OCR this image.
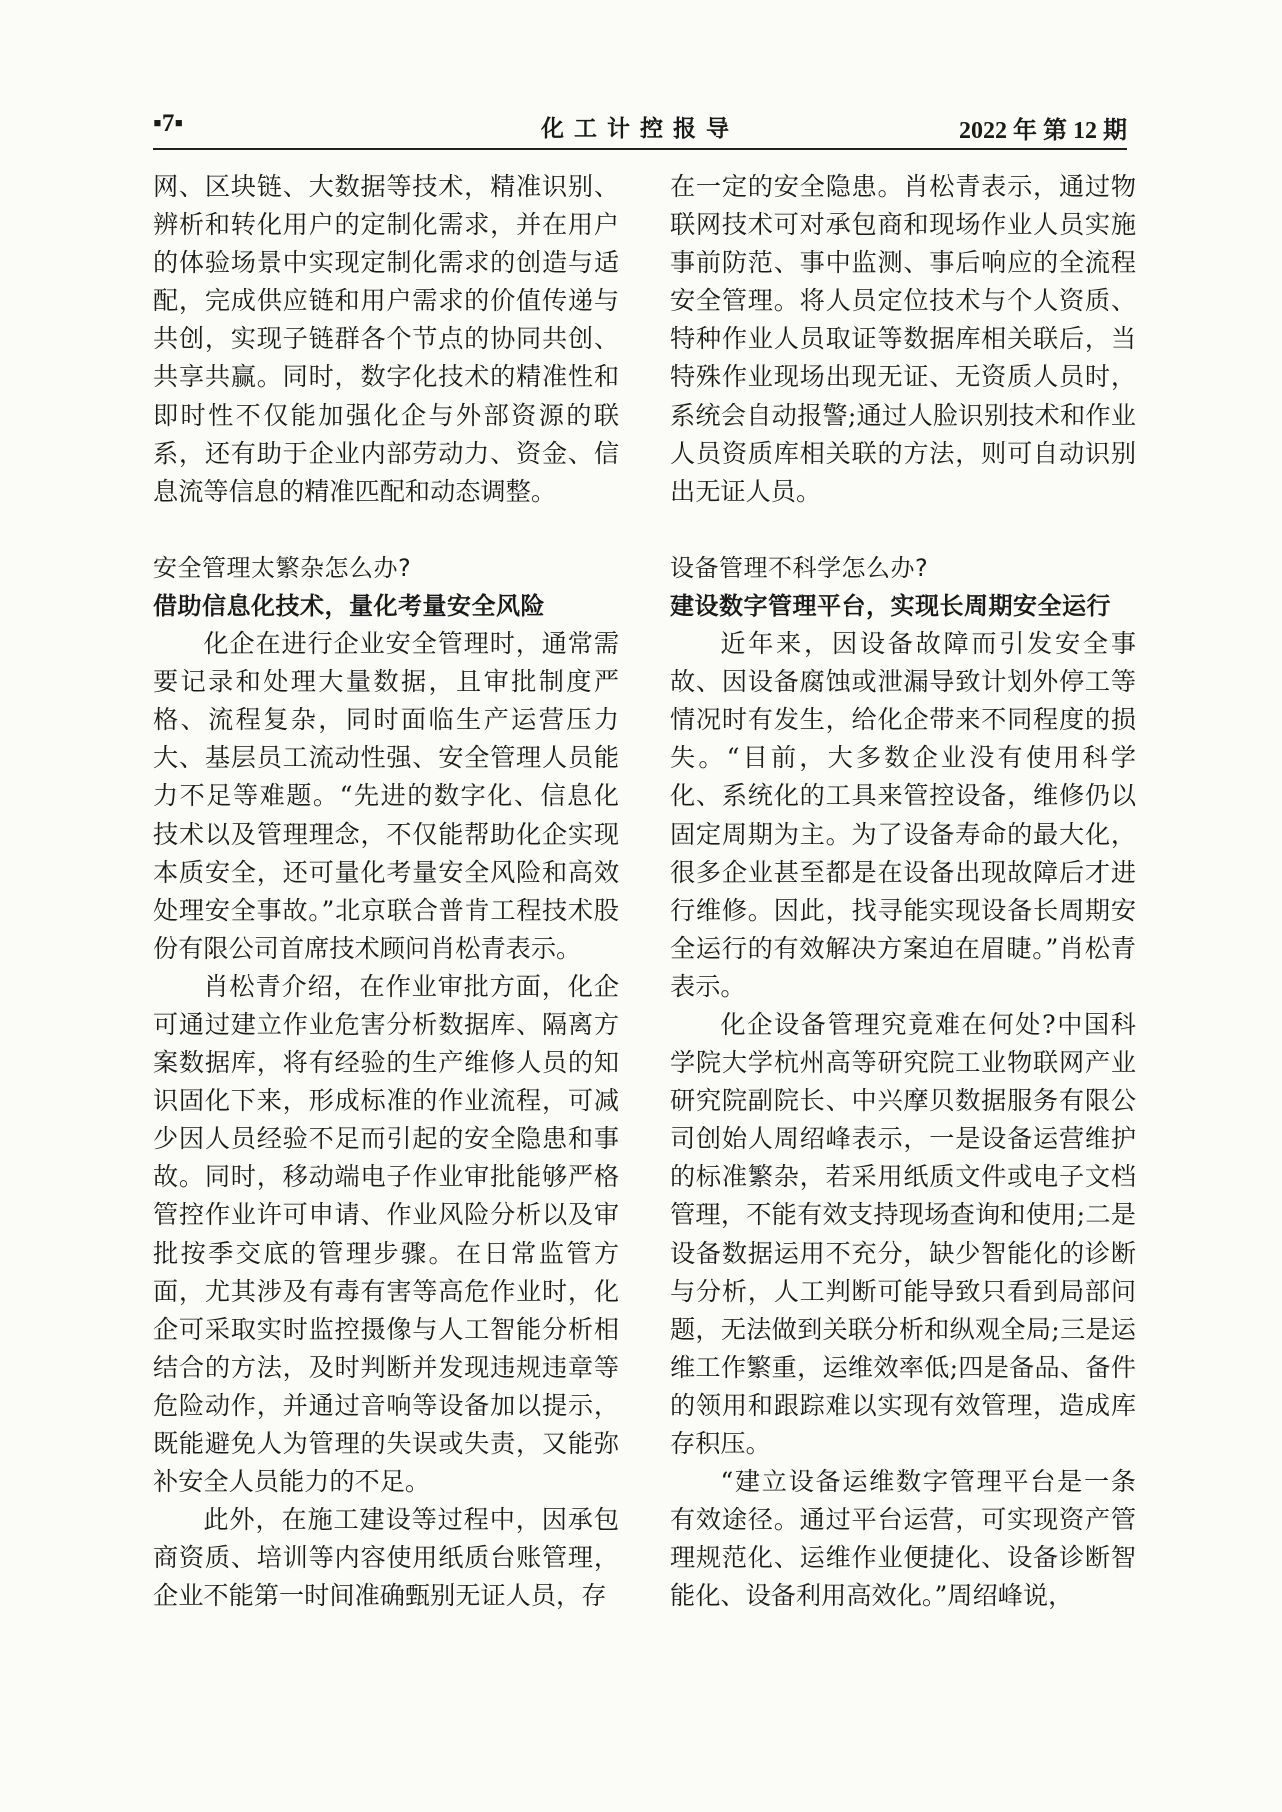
▪7▪	化工计控报导	2022 年 第 12 期

网、区块链、大数据等技术，精准识别、辨析和转化用户的定制化需求，并在用户的体验场景中实现定制化需求的创造与适配，完成供应链和用户需求的价值传递与共创，实现子链群各个节点的协同共创、共享共赢。同时，数字化技术的精准性和即时性不仅能加强化企与外部资源的联系，还有助于企业内部劳动力、资金、信息流等信息的精准匹配和动态调整。

安全管理太繁杂怎么办?
借助信息化技术，量化考量安全风险

化企在进行企业安全管理时，通常需要记录和处理大量数据，且审批制度严格、流程复杂，同时面临生产运营压力大、基层员工流动性强、安全管理人员能力不足等难题。“先进的数字化、信息化技术以及管理理念，不仅能帮助化企实现本质安全，还可量化考量安全风险和高效处理安全事故。”北京联合普肯工程技术股份有限公司首席技术顾问肖松青表示。

肖松青介绍，在作业审批方面，化企可通过建立作业危害分析数据库、隔离方案数据库，将有经验的生产维修人员的知识固化下来，形成标准的作业流程，可减少因人员经验不足而引起的安全隐患和事故。同时，移动端电子作业审批能够严格管控作业许可申请、作业风险分析以及审批按季交底的管理步骤。在日常监管方面，尤其涉及有毒有害等高危作业时，化企可采取实时监控摄像与人工智能分析相结合的方法，及时判断并发现违规违章等危险动作，并通过音响等设备加以提示，既能避免人为管理的失误或失责，又能弥补安全人员能力的不足。

此外，在施工建设等过程中，因承包商资质、培训等内容使用纸质台账管理，企业不能第一时间准确甄别无证人员，存

在一定的安全隐患。肖松青表示，通过物联网技术可对承包商和现场作业人员实施事前防范、事中监测、事后响应的全流程安全管理。将人员定位技术与个人资质、特种作业人员取证等数据库相关联后，当特殊作业现场出现无证、无资质人员时，系统会自动报警;通过人脸识别技术和作业人员资质库相关联的方法，则可自动识别出无证人员。

设备管理不科学怎么办?
建设数字管理平台，实现长周期安全运行

近年来，因设备故障而引发安全事故、因设备腐蚀或泄漏导致计划外停工等情况时有发生，给化企带来不同程度的损失。“目前，大多数企业没有使用科学化、系统化的工具来管控设备，维修仍以固定周期为主。为了设备寿命的最大化，很多企业甚至都是在设备出现故障后才进行维修。因此，找寻能实现设备长周期安全运行的有效解决方案迫在眉睫。”肖松青表示。

化企设备管理究竟难在何处?中国科学院大学杭州高等研究院工业物联网产业研究院副院长、中兴摩贝数据服务有限公司创始人周绍峰表示，一是设备运营维护的标准繁杂，若采用纸质文件或电子文档管理，不能有效支持现场查询和使用;二是设备数据运用不充分，缺少智能化的诊断与分析，人工判断可能导致只看到局部问题，无法做到关联分析和纵观全局;三是运维工作繁重，运维效率低;四是备品、备件的领用和跟踪难以实现有效管理，造成库存积压。

“建立设备运维数字管理平台是一条有效途径。通过平台运营，可实现资产管理规范化、运维作业便捷化、设备诊断智能化、设备利用高效化。”周绍峰说，
